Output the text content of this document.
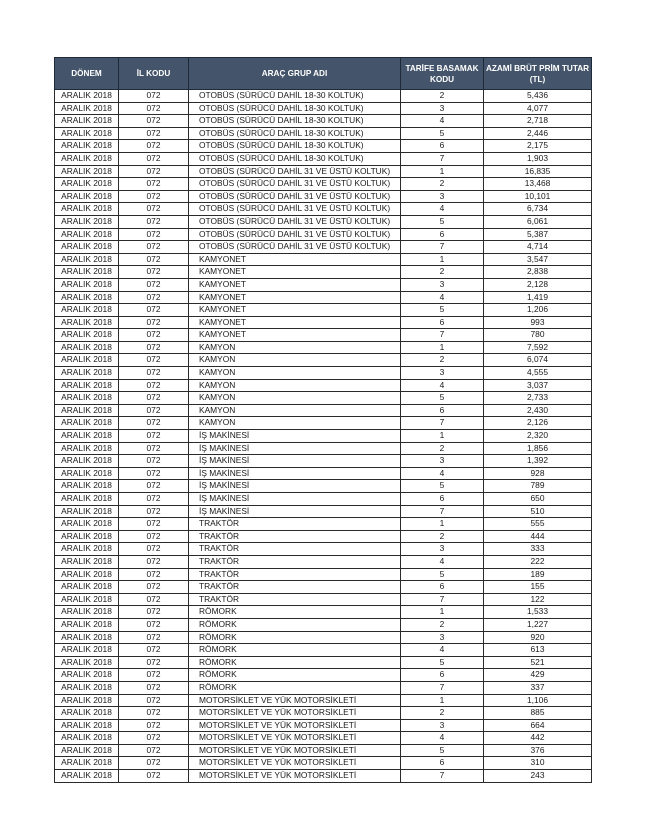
DÖNEM	İL KODU	ARAÇ GRUP ADI	TARİFE BASAMAK KODU	AZAMİ BRÜT PRİM TUTAR (TL)
ARALIK 2018	072	OTOBÜS (SÜRÜCÜ DAHİL 18-30 KOLTUK)	2	5,436
ARALIK 2018	072	OTOBÜS (SÜRÜCÜ DAHİL 18-30 KOLTUK)	3	4,077
ARALIK 2018	072	OTOBÜS (SÜRÜCÜ DAHİL 18-30 KOLTUK)	4	2,718
ARALIK 2018	072	OTOBÜS (SÜRÜCÜ DAHİL 18-30 KOLTUK)	5	2,446
ARALIK 2018	072	OTOBÜS (SÜRÜCÜ DAHİL 18-30 KOLTUK)	6	2,175
ARALIK 2018	072	OTOBÜS (SÜRÜCÜ DAHİL 18-30 KOLTUK)	7	1,903
ARALIK 2018	072	OTOBÜS (SÜRÜCÜ DAHİL 31 VE ÜSTÜ KOLTUK)	1	16,835
ARALIK 2018	072	OTOBÜS (SÜRÜCÜ DAHİL 31 VE ÜSTÜ KOLTUK)	2	13,468
ARALIK 2018	072	OTOBÜS (SÜRÜCÜ DAHİL 31 VE ÜSTÜ KOLTUK)	3	10,101
ARALIK 2018	072	OTOBÜS (SÜRÜCÜ DAHİL 31 VE ÜSTÜ KOLTUK)	4	6,734
ARALIK 2018	072	OTOBÜS (SÜRÜCÜ DAHİL 31 VE ÜSTÜ KOLTUK)	5	6,061
ARALIK 2018	072	OTOBÜS (SÜRÜCÜ DAHİL 31 VE ÜSTÜ KOLTUK)	6	5,387
ARALIK 2018	072	OTOBÜS (SÜRÜCÜ DAHİL 31 VE ÜSTÜ KOLTUK)	7	4,714
ARALIK 2018	072	KAMYONET	1	3,547
ARALIK 2018	072	KAMYONET	2	2,838
ARALIK 2018	072	KAMYONET	3	2,128
ARALIK 2018	072	KAMYONET	4	1,419
ARALIK 2018	072	KAMYONET	5	1,206
ARALIK 2018	072	KAMYONET	6	993
ARALIK 2018	072	KAMYONET	7	780
ARALIK 2018	072	KAMYON	1	7,592
ARALIK 2018	072	KAMYON	2	6,074
ARALIK 2018	072	KAMYON	3	4,555
ARALIK 2018	072	KAMYON	4	3,037
ARALIK 2018	072	KAMYON	5	2,733
ARALIK 2018	072	KAMYON	6	2,430
ARALIK 2018	072	KAMYON	7	2,126
ARALIK 2018	072	İŞ MAKİNESİ	1	2,320
ARALIK 2018	072	İŞ MAKİNESİ	2	1,856
ARALIK 2018	072	İŞ MAKİNESİ	3	1,392
ARALIK 2018	072	İŞ MAKİNESİ	4	928
ARALIK 2018	072	İŞ MAKİNESİ	5	789
ARALIK 2018	072	İŞ MAKİNESİ	6	650
ARALIK 2018	072	İŞ MAKİNESİ	7	510
ARALIK 2018	072	TRAKTÖR	1	555
ARALIK 2018	072	TRAKTÖR	2	444
ARALIK 2018	072	TRAKTÖR	3	333
ARALIK 2018	072	TRAKTÖR	4	222
ARALIK 2018	072	TRAKTÖR	5	189
ARALIK 2018	072	TRAKTÖR	6	155
ARALIK 2018	072	TRAKTÖR	7	122
ARALIK 2018	072	RÖMORK	1	1,533
ARALIK 2018	072	RÖMORK	2	1,227
ARALIK 2018	072	RÖMORK	3	920
ARALIK 2018	072	RÖMORK	4	613
ARALIK 2018	072	RÖMORK	5	521
ARALIK 2018	072	RÖMORK	6	429
ARALIK 2018	072	RÖMORK	7	337
ARALIK 2018	072	MOTORSİKLET VE YÜK MOTORSİKLETİ	1	1,106
ARALIK 2018	072	MOTORSİKLET VE YÜK MOTORSİKLETİ	2	885
ARALIK 2018	072	MOTORSİKLET VE YÜK MOTORSİKLETİ	3	664
ARALIK 2018	072	MOTORSİKLET VE YÜK MOTORSİKLETİ	4	442
ARALIK 2018	072	MOTORSİKLET VE YÜK MOTORSİKLETİ	5	376
ARALIK 2018	072	MOTORSİKLET VE YÜK MOTORSİKLETİ	6	310
ARALIK 2018	072	MOTORSİKLET VE YÜK MOTORSİKLETİ	7	243
